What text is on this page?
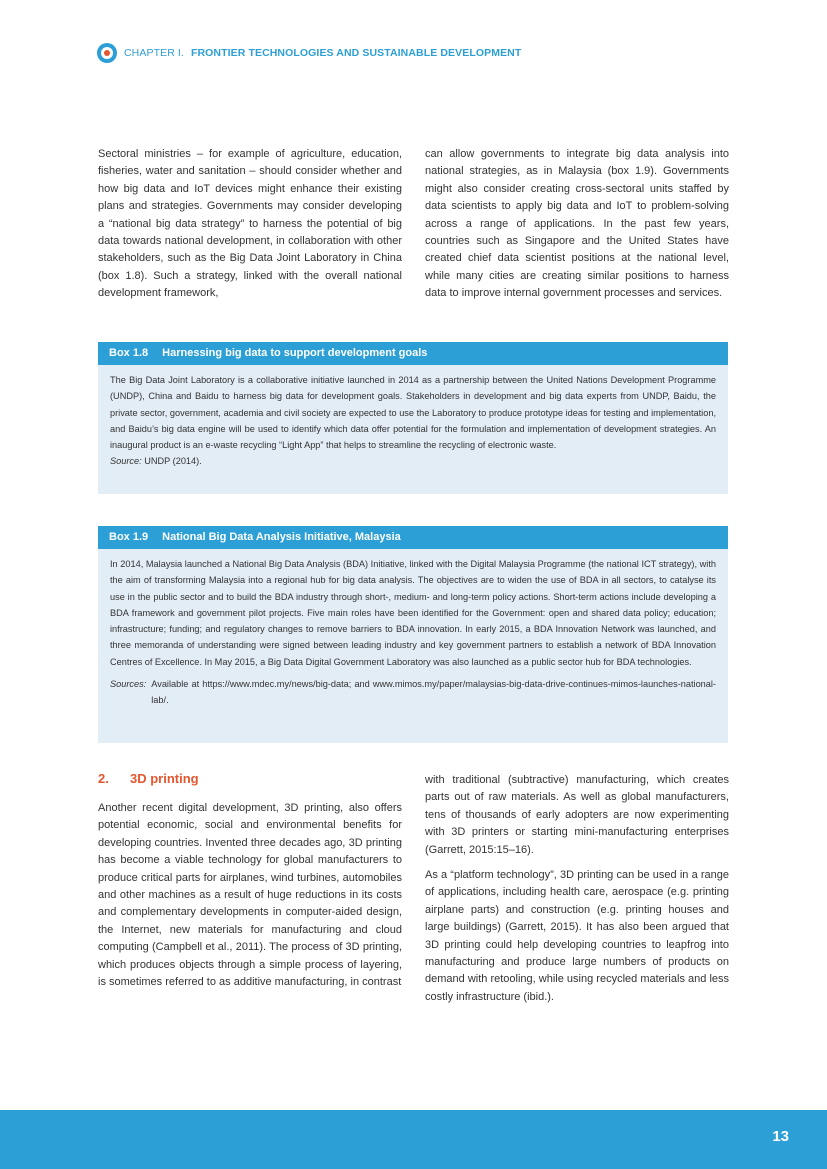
CHAPTER I. FRONTIER TECHNOLOGIES AND SUSTAINABLE DEVELOPMENT

Sectoral ministries – for example of agriculture, education, fisheries, water and sanitation – should consider whether and how big data and IoT devices might enhance their existing plans and strategies. Governments may consider developing a “national big data strategy” to harness the potential of big data towards national development, in collaboration with other stakeholders, such as the Big Data Joint Laboratory in China (box 1.8). Such a strategy, linked with the overall national development framework,

can allow governments to integrate big data analysis into national strategies, as in Malaysia (box 1.9). Governments might also consider creating cross-sectoral units staffed by data scientists to apply big data and IoT to problem-solving across a range of applications. In the past few years, countries such as Singapore and the United States have created chief data scientist positions at the national level, while many cities are creating similar positions to harness data to improve internal government processes and services.

Box 1.8 Harnessing big data to support development goals
The Big Data Joint Laboratory is a collaborative initiative launched in 2014 as a partnership between the United Nations Development Programme (UNDP), China and Baidu to harness big data for development goals. Stakeholders in development and big data experts from UNDP, Baidu, the private sector, government, academia and civil society are expected to use the Laboratory to produce prototype ideas for testing and implementation, and Baidu’s big data engine will be used to identify which data offer potential for the formulation and implementation of development strategies. An inaugural product is an e-waste recycling “Light App” that helps to streamline the recycling of electronic waste.
Source: UNDP (2014).
Box 1.9 National Big Data Analysis Initiative, Malaysia
In 2014, Malaysia launched a National Big Data Analysis (BDA) Initiative, linked with the Digital Malaysia Programme (the national ICT strategy), with the aim of transforming Malaysia into a regional hub for big data analysis. The objectives are to widen the use of BDA in all sectors, to catalyse its use in the public sector and to build the BDA industry through short-, medium- and long-term policy actions. Short-term actions include developing a BDA framework and government pilot projects. Five main roles have been identified for the Government: open and shared data policy; education; infrastructure; funding; and regulatory changes to remove barriers to BDA innovation. In early 2015, a BDA Innovation Network was launched, and three memoranda of understanding were signed between leading industry and key government partners to establish a network of BDA Innovation Centres of Excellence. In May 2015, a Big Data Digital Government Laboratory was also launched as a public sector hub for BDA technologies.
Sources: Available at https://www.mdec.my/news/big-data; and www.mimos.my/paper/malaysias-big-data-drive-continues-mimos-launches-national-lab/.
2. 3D printing

Another recent digital development, 3D printing, also offers potential economic, social and environmental benefits for developing countries. Invented three decades ago, 3D printing has become a viable technology for global manufacturers to produce critical parts for airplanes, wind turbines, automobiles and other machines as a result of huge reductions in its costs and complementary developments in computer-aided design, the Internet, new materials for manufacturing and cloud computing (Campbell et al., 2011). The process of 3D printing, which produces objects through a simple process of layering, is sometimes referred to as additive manufacturing, in contrast

with traditional (subtractive) manufacturing, which creates parts out of raw materials. As well as global manufacturers, tens of thousands of early adopters are now experimenting with 3D printers or starting mini-manufacturing enterprises (Garrett, 2015:15–16).

As a “platform technology”, 3D printing can be used in a range of applications, including health care, aerospace (e.g. printing airplane parts) and construction (e.g. printing houses and large buildings) (Garrett, 2015). It has also been argued that 3D printing could help developing countries to leapfrog into manufacturing and produce large numbers of products on demand with retooling, while using recycled materials and less costly infrastructure (ibid.).

13
